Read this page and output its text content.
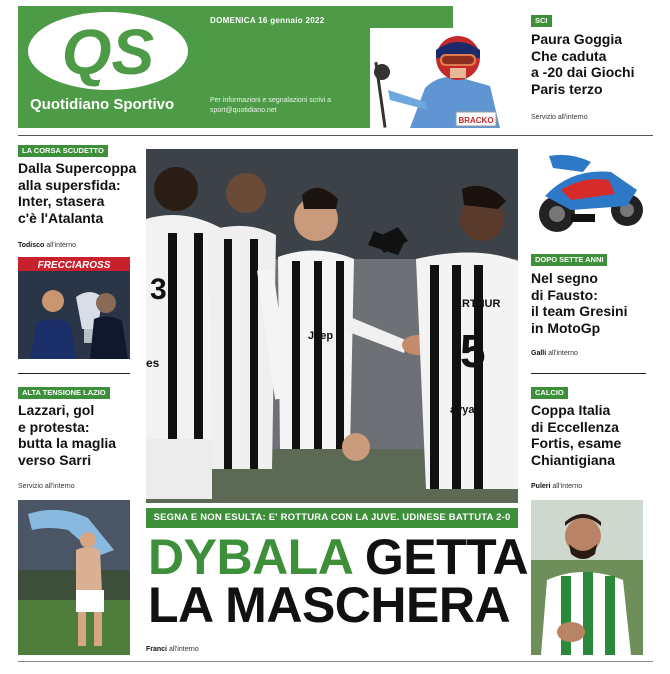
QS
Quotidiano Sportivo
DOMENICA 16 gennaio 2022
Per informazioni e segnalazioni scrivi a
sport@quotidiano.net
BRACKO
SCI
Paura Goggia
Che caduta
a -20 dai Giochi
Paris terzo
Servizio all'interno
LA CORSA SCUDETTO
Dalla Supercoppa
alla supersfida:
Inter, stasera
c'è l'Atalanta
Todisco all'interno
FRECCIAROSS
ALTA TENSIONE LAZIO
Lazzari, gol
e protesta:
butta la maglia
verso Sarri
Servizio all'interno
3
es
Jeep
ARTHUR
5
avyan
SEGNA E NON ESULTA: E' ROTTURA CON LA JUVE. UDINESE BATTUTA 2-0
DYBALA GETTA
LA MASCHERA
Franci all'interno
DOPO SETTE ANNI
Nel segno
di Fausto:
il team Gresini
in MotoGp
Galli all'interno
CALCIO
Coppa Italia
di Eccellenza
Fortis, esame
Chiantigiana
Puleri all'interno
